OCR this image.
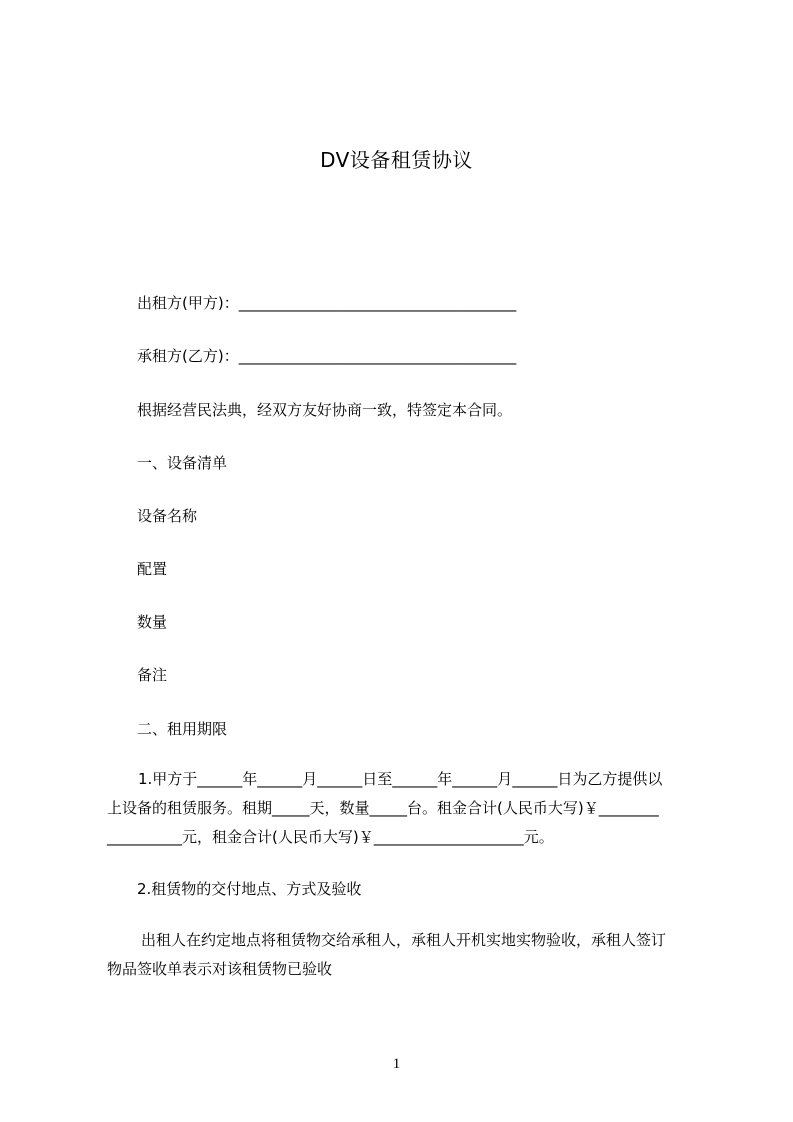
DV设备租赁协议
出租方(甲方)：_____________________________________
承租方(乙方)：_____________________________________
根据经营民法典，经双方友好协商一致，特签定本合同。
一、设备清单
设备名称
配置
数量
备注
二、租用期限
1.甲方于______年______月______日至______年______月______日为乙方提供以
上设备的租赁服务。租期_____天，数量_____台。租金合计(人民币大写)￥________
__________元，租金合计(人民币大写)￥____________________元。
2.租赁物的交付地点、方式及验收
出租人在约定地点将租赁物交给承租人，承租人开机实地实物验收，承租人签订
物品签收单表示对该租赁物已验收
1
